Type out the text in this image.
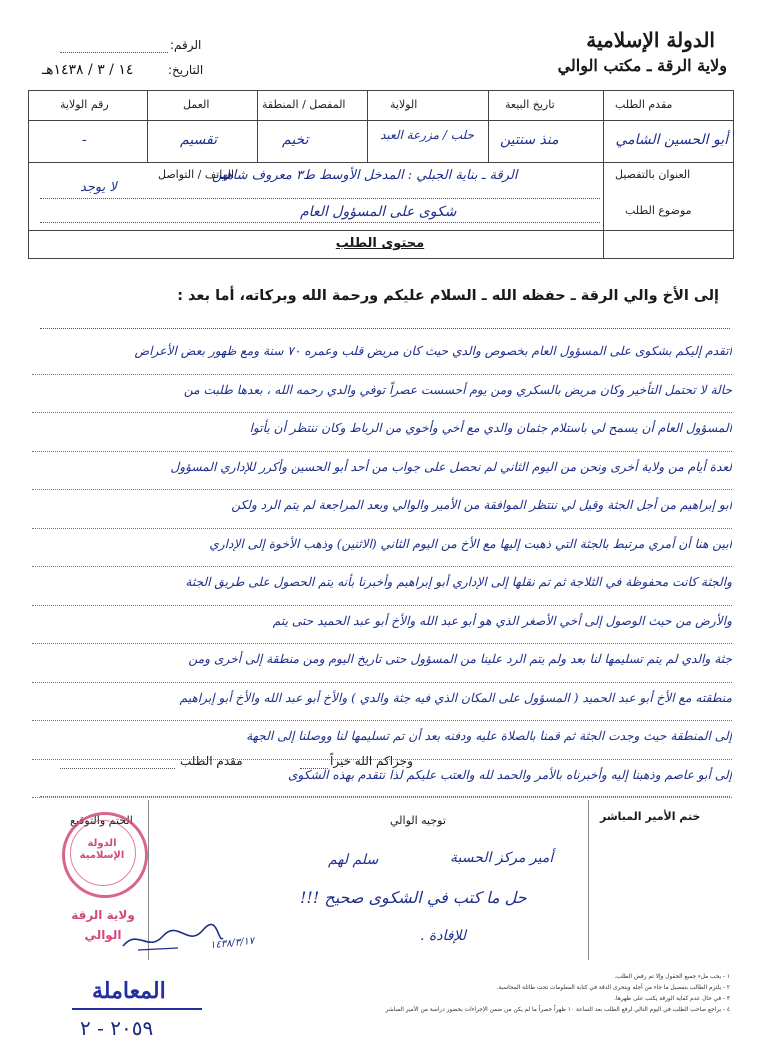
الدولة الإسلامية
ولاية الرقة ـ مكتب الوالي
الرقم:
التاريخ:
١٤ / ٣ / ١٤٣٨هـ
مقدم الطلب
تاريخ البيعة
الولاية
المفصل / المنطقة
العمل
رقم الولاية
أبو الحسين الشامي
منذ سنتين
حلب / مزرعة العبد
تخيم
تقسيم
-
العنوان بالتفصيل
الهاتف / التواصل
الرقة ـ بناية الجبلي : المدخل الأوسط ط٣ معروف شاهين
لا يوجد
موضوع الطلب
شكوى على المسؤول العام
محتوى الطلب
إلى الأخ والي الرقة ـ حفظه الله ـ السلام عليكم ورحمة الله وبركاته، أما بعد :
أتقدم إليكم بشكوى على المسؤول العام بخصوص والدي حيث كان مريض قلب وعمره ٧٠ سنة ومع ظهور بعض الأعراض
حالة لا تحتمل التأخير وكان مريض بالسكري ومن يوم أحسست عصراً توفي والدي رحمه الله ، بعدها طلبت من
المسؤول العام أن يسمح لي باستلام جثمان والدي مع أخي وأخوي من الرباط وكان ننتظر أن يأتوا
لعدة أيام من ولاية أخرى ونحن من اليوم الثاني لم نحصل على جواب من أحد أبو الحسين وأكرر للإداري المسؤول
أبو إبراهيم من أجل الجثة وقيل لي ننتظر الموافقة من الأمير والوالي وبعد المراجعة لم يتم الرد ولكن
أبين هنا أن أمري مرتبط بالجثة التي ذهبت إليها مع الأخ من اليوم الثاني (الاثنين) وذهب الأخوة إلى الإداري
والجثة كانت محفوظة في الثلاجة ثم تم نقلها إلى الإداري أبو إبراهيم وأخبرنا بأنه يتم الحصول على طريق الجثة
والأرض من حيث الوصول إلى أخي الأصغر الذي هو أبو عبد الله والأخ أبو عبد الحميد حتى يتم
جثة والدي لم يتم تسليمها لنا بعد ولم يتم الرد علينا من المسؤول حتى تاريخ اليوم ومن منطقة إلى أخرى ومن
منطقته مع الأخ أبو عبد الحميد ( المسؤول على المكان الذي فيه جثة والدي ) والأخ أبو عبد الله والأخ أبو إبراهيم
إلى المنطقة حيث وجدت الجثة ثم قمنا بالصلاة عليه ودفنه بعد أن تم تسليمها لنا ووصلنا إلى الجهة
إلى أبو عاصم وذهبنا إليه وأخبرناه بالأمر والحمد لله والعتب عليكم لذا نتقدم بهذه الشكوى
وجزاكم الله خيراً
مقدم الطلب
الختم والتوقيع	توجيه الوالي	ختم الأمير المباشر
أمير مركز الحسبة
سلم لهم
حل ما كتب في الشكوى صحيح !!!
للإفادة .
الدولة الإسلامية
ولاية الرقة
الوالي
١٤٣٨/٣/١٧
المعاملة
٢٠٥٩ - ٢
١ - يجب ملء جميع الحقول وإلا تم رفض الطلب.
٢ - يلتزم الطالب بتفصيل ما جاء من أجله ويتحرى الدقة في كتابة المعلومات تحت طائلة المحاسبة.
٣ - في حال عدم كفاية الورقة يكتب على ظهرها.
٤ - يراجع صاحب الطلب في اليوم التالي لرفع الطلب بعد الساعة ١٠ ظهراً حصراً ما لم يكن من ضمن الإجراءات بحضور دراسة من الأمير المباشر
